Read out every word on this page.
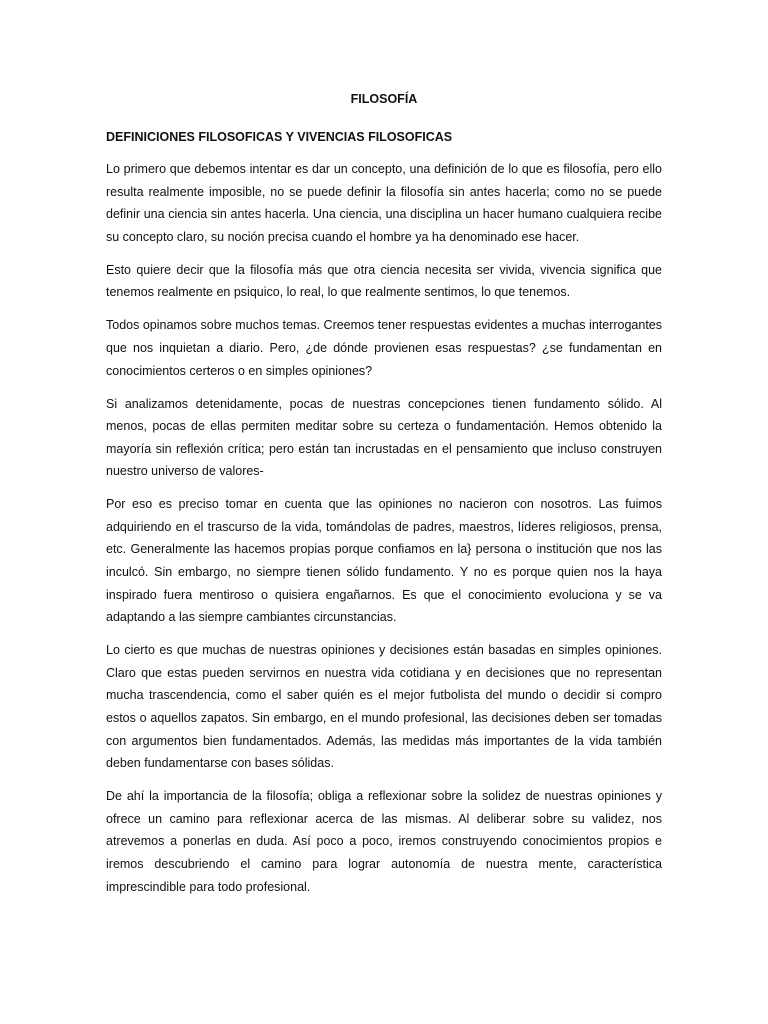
FILOSOFÍA
DEFINICIONES FILOSOFICAS Y VIVENCIAS FILOSOFICAS

Lo primero que debemos intentar es dar un concepto, una definición de lo que es filosofía, pero ello resulta realmente imposible, no se puede definir la filosofía sin antes hacerla; como no se puede definir una ciencia sin antes hacerla. Una ciencia, una disciplina un hacer humano cualquiera recibe su concepto claro, su noción precisa cuando el hombre ya ha denominado ese hacer.

Esto quiere decir que la filosofía más que otra ciencia necesita ser vivida, vivencia significa que tenemos realmente en psiquico, lo real, lo que realmente sentimos, lo que tenemos.

Todos opinamos sobre muchos temas. Creemos tener respuestas evidentes a muchas interrogantes que nos inquietan a diario. Pero, ¿de dónde provienen esas respuestas? ¿se fundamentan en conocimientos certeros o en simples opiniones?

Si analizamos detenidamente, pocas de nuestras concepciones tienen fundamento sólido. Al menos, pocas de ellas permiten meditar sobre su certeza o fundamentación. Hemos obtenido la mayoría sin reflexión crítica; pero están tan incrustadas en el pensamiento que incluso construyen nuestro universo de valores-

Por eso es preciso tomar en cuenta que las opiniones no nacieron con nosotros. Las fuimos adquiriendo en el trascurso de la vida, tomándolas de padres, maestros, líderes religiosos, prensa, etc. Generalmente las hacemos propias porque confiamos en la} persona o institución que nos las inculcó. Sin embargo, no siempre tienen sólido fundamento. Y no es porque quien nos la haya inspirado fuera mentiroso o quisiera engañarnos. Es que el conocimiento evoluciona y se va adaptando a las siempre cambiantes circunstancias.

Lo cierto es que muchas de nuestras opiniones y decisiones están basadas en simples opiniones. Claro que estas pueden servirnos en nuestra vida cotidiana y en decisiones que no representan mucha trascendencia, como el saber quién es el mejor futbolista del mundo o decidir si compro estos o aquellos zapatos. Sin embargo, en el mundo profesional, las decisiones deben ser tomadas con argumentos bien fundamentados. Además, las medidas más importantes de la vida también deben fundamentarse con bases sólidas.

De ahí la importancia de la filosofía; obliga a reflexionar sobre la solidez de nuestras opiniones y ofrece un camino para reflexionar acerca de las mismas. Al deliberar sobre su validez, nos atrevemos a ponerlas en duda. Así poco a poco, iremos construyendo conocimientos propios e iremos descubriendo el camino para lograr autonomía de nuestra mente, característica imprescindible para todo profesional.
